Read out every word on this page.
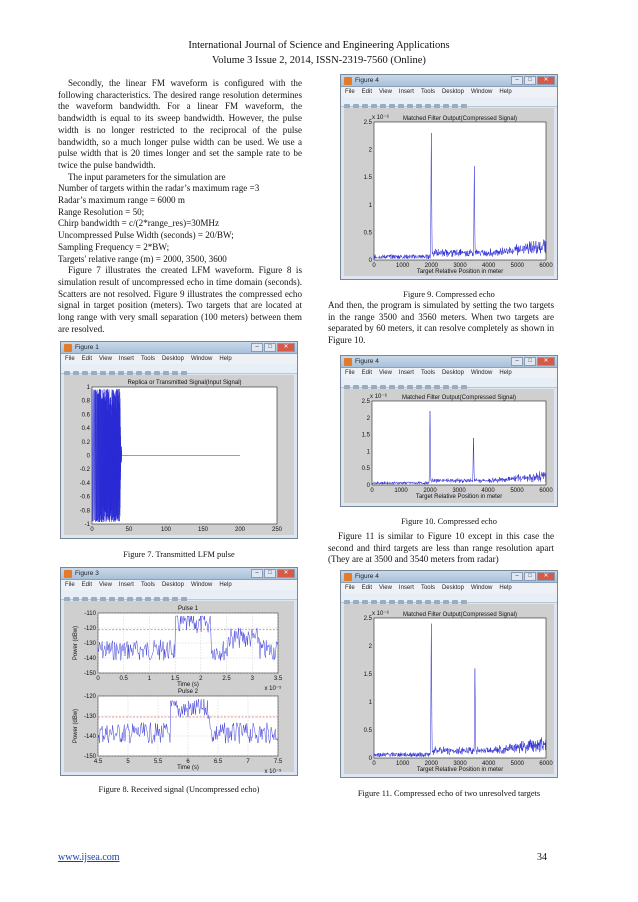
International Journal of Science and Engineering Applications
Volume 3 Issue 2, 2014, ISSN-2319-7560 (Online)

Secondly, the linear FM waveform is configured with the following characteristics. The desired range resolution determines the waveform bandwidth. For a linear FM waveform, the bandwidth is equal to its sweep bandwidth. However, the pulse width is no longer restricted to the reciprocal of the pulse bandwidth, so a much longer pulse width can be used. We use a pulse width that is 20 times longer and set the sample rate to be twice the pulse bandwidth.

The input parameters for the simulation are

Number of targets within the radar’s maximum rage =3

Radar’s maximum range = 6000 m

Range Resolution = 50;

Chirp bandwidth = c/(2*range_res)=30MHz

Uncompressed Pulse Width (seconds) = 20/BW;

Sampling Frequency = 2*BW;

Targets' relative range (m) = 2000, 3500, 3600

Figure 7 illustrates the created LFM waveform. Figure 8 is simulation result of uncompressed echo in time domain (seconds). Scatters are not resolved. Figure 9 illustrates the compressed echo signal in target position (meters). Two targets that are located at long range with very small separation (100 meters) between them are resolved.

And then, the program is simulated by setting the two targets in the range 3500 and 3560 meters. When two targets are separated by 60 meters, it can resolve completely as shown in Figure 10.
Figure 11 is similar to Figure 10 except in this case the second and third targets are less than range resolution apart (They are at 3500 and 3540 meters from radar)
Figure 1	–	□	✕
File Edit View Insert Tools Desktop Window Help
Replica or Transmitted Signal(Input Signal)
0	50	100	150	200	250
1
0.8
0.6
0.4
0.2
0
-0.2
-0.4
-0.6
-0.8
-1
Figure 3	–	□	✕
File Edit View Insert Tools Desktop Window Help
Pulse 1
0	0.5	1	1.5	2	2.5	3	3.5
-110
-120
-130
-140
-150
Time (s)
x 10⁻⁵
Power (dBw)
Pulse 2
4.5	5	5.5	6	6.5	7	7.5
-120
-130
-140
-150
Time (s)
x 10⁻⁵
Power (dBw)
Figure 4	–	□	✕
File Edit View Insert Tools Desktop Window Help
Matched Filter Output(Compressed Signal)
x 10⁻⁶
0	1000	2000	3000	4000	5000	6000
2.5
2
1.5
1
0.5
0
Target Relative Position in meter
Figure 4	–	□	✕
File Edit View Insert Tools Desktop Window Help
Matched Filter Output(Compressed Signal)
x 10⁻⁶
0	1000	2000	3000	4000	5000	6000
2.5
2
1.5
1
0.5
0
Target Relative Position in meter
Figure 4	–	□	✕
File Edit View Insert Tools Desktop Window Help
Matched Filter Output(Compressed Signal)
x 10⁻⁶
0	1000	2000	3000	4000	5000	6000
2.5
2
1.5
1
0.5
0
Target Relative Position in meter
Figure 7. Transmitted LFM pulse
Figure 8. Received signal (Uncompressed echo)
Figure 9. Compressed echo
Figure 10. Compressed echo
Figure 11. Compressed echo of two unresolved targets
www.ijsea.com	34
